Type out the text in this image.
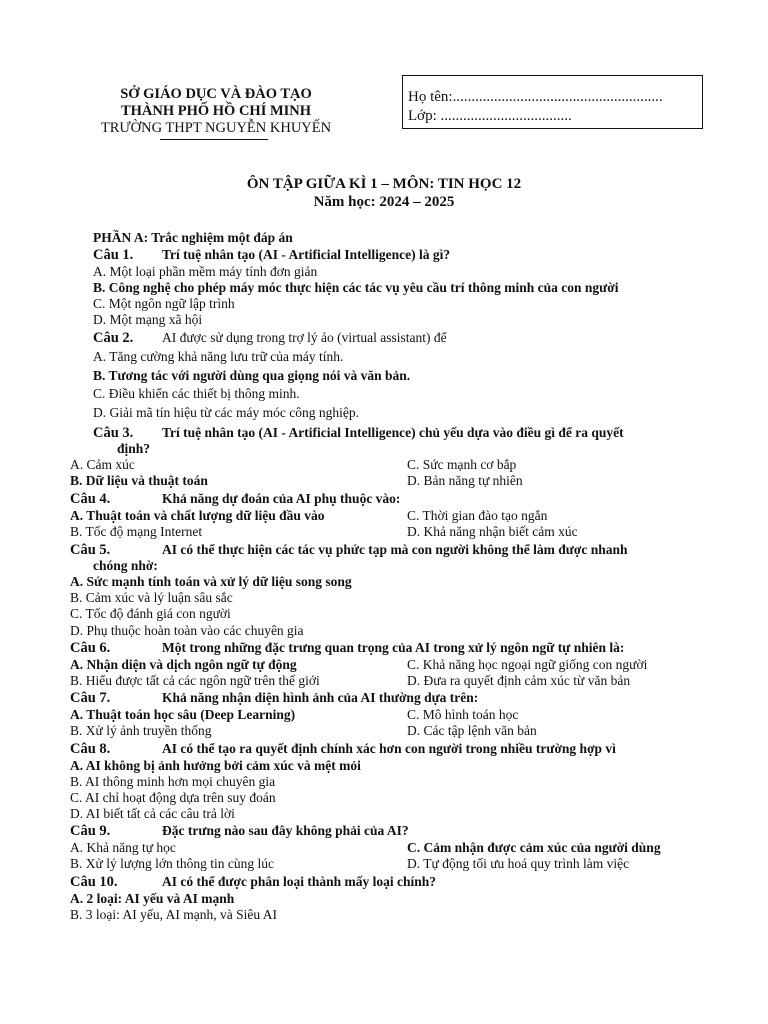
SỞ GIÁO DỤC VÀ ĐÀO TẠO
THÀNH PHỐ HỒ CHÍ MINH
TRƯỜNG THPT NGUYỄN KHUYẾN
Họ tên:........................................................
Lớp: ...................................
ÔN TẬP GIỮA KÌ 1 – MÔN: TIN HỌC 12
Năm học: 2024 – 2025
PHẦN A: Trắc nghiệm một đáp án
Câu 1. Trí tuệ nhân tạo (AI - Artificial Intelligence) là gì?
A. Một loại phần mềm máy tính đơn giản
B. Công nghệ cho phép máy móc thực hiện các tác vụ yêu cầu trí thông minh của con người
C. Một ngôn ngữ lập trình
D. Một mạng xã hội
Câu 2. AI được sử dụng trong trợ lý ảo (virtual assistant) để
A. Tăng cường khả năng lưu trữ của máy tính.
B. Tương tác với người dùng qua giọng nói và văn bản.
C. Điều khiển các thiết bị thông minh.
D. Giải mã tín hiệu từ các máy móc công nghiệp.
Câu 3. Trí tuệ nhân tạo (AI - Artificial Intelligence) chủ yếu dựa vào điều gì để ra quyết
định?
A. Cảm xúc	C. Sức mạnh cơ bắp
B. Dữ liệu và thuật toán	D. Bản năng tự nhiên
Câu 4.	Khả năng dự đoán của AI phụ thuộc vào:
A. Thuật toán và chất lượng dữ liệu đầu vào	C. Thời gian đào tạo ngắn
B. Tốc độ mạng Internet	D. Khả năng nhận biết cảm xúc
Câu 5.	AI có thể thực hiện các tác vụ phức tạp mà con người không thể làm được nhanh
chóng nhờ:
A. Sức mạnh tính toán và xử lý dữ liệu song song
B. Cảm xúc và lý luận sâu sắc
C. Tốc độ đánh giá con người
D. Phụ thuộc hoàn toàn vào các chuyên gia
Câu 6.	Một trong những đặc trưng quan trọng của AI trong xử lý ngôn ngữ tự nhiên là:
A. Nhận diện và dịch ngôn ngữ tự động	C. Khả năng học ngoại ngữ giống con người
B. Hiểu được tất cả các ngôn ngữ trên thế giới	D. Đưa ra quyết định cảm xúc từ văn bản
Câu 7.	Khả năng nhận diện hình ảnh của AI thường dựa trên:
A. Thuật toán học sâu (Deep Learning)	C. Mô hình toán học
B. Xử lý ảnh truyền thống	D. Các tập lệnh văn bản
Câu 8.	AI có thể tạo ra quyết định chính xác hơn con người trong nhiều trường hợp vì
A. AI không bị ảnh hưởng bởi cảm xúc và mệt mỏi
B. AI thông minh hơn mọi chuyên gia
C. AI chỉ hoạt động dựa trên suy đoán
D. AI biết tất cả các câu trả lời
Câu 9.	Đặc trưng nào sau đây không phải của AI?
A. Khả năng tự học	C. Cảm nhận được cảm xúc của người dùng
B. Xử lý lượng lớn thông tin cùng lúc	D. Tự động tối ưu hoá quy trình làm việc
Câu 10.	AI có thể được phân loại thành mấy loại chính?
A. 2 loại: AI yếu và AI mạnh
B. 3 loại: AI yếu, AI mạnh, và Siêu AI
